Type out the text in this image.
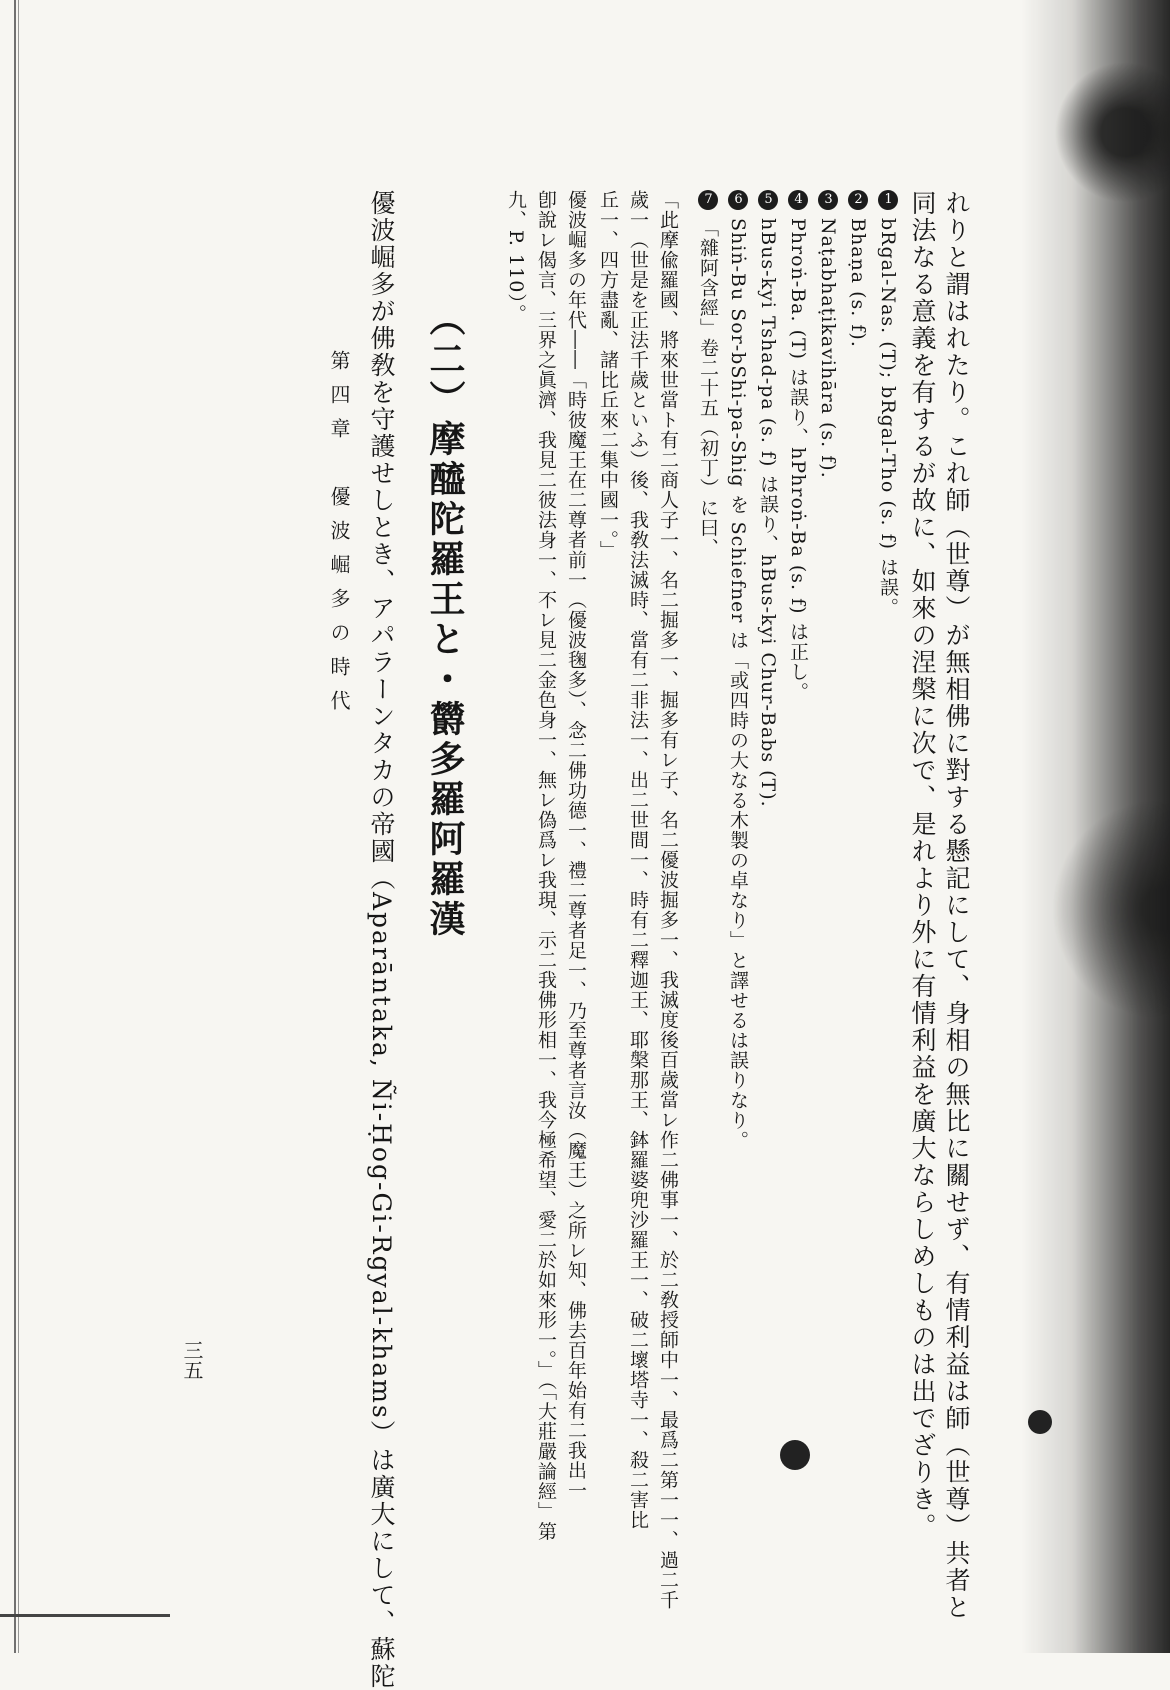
れりと謂はれたり。これ師（世尊）が無相佛に對する懸記にして、身相の無比に關せず、有情利益は師（世尊）共者と
同法なる意義を有するが故に、如來の涅槃に次で、是れより外に有情利益を廣大ならしめしものは出でざりき。
1bRgal-Nas. (T); bRgal-Tho (s. f) は誤。
2Bhaṇa (s. f).
3Naṭabhaṭikavihāra (s. f).
4Phroṅ-Ba. (T) は誤り、hPhroṅ-Ba (s. f) は正し。
5hBus-kyi Tshad-pa (s. f) は誤り、hBus-kyi Chur-Babs (T).
6Shiṅ-Bu Sor-bShi-pa-Shig を Schiefner は「或四時の大なる木製の卓なり」と譯せるは誤りなり。
7「雜阿含經」卷二十五（初丁）に曰、
「此摩偸羅國、將來世當ト有二商人子一、名二掘多一、掘多有レ子、名二優波掘多一、我滅度後百歲當レ作二佛事一、於二敎授師中一、最爲二第一一、過二千
歲一（世是を正法千歲といふ）後、我敎法滅時、當有二非法一、出二世間一、時有二釋迦王、耶槃那王、鉢羅婆兜沙羅王一、破二壞塔寺一、殺二害比
丘一、四方盡亂、諸比丘來二集中國一。」
優波崛多の年代――「時彼魔王在二尊者前一（優波毱多）、念二佛功德一、禮二尊者足一、乃至尊者言汝（魔王）之所レ知、佛去百年始有二我出一
卽說レ偈言、三界之眞濟、我見二彼法身一、不レ見二金色身一、無レ偽爲レ我現、示二我佛形相一、我今極希望、愛二於如來形一。」（「大莊嚴論經」第
九、P. 110）。
（二）摩醯陀羅王と・欝多羅阿羅漢
優波崛多が佛敎を守護せしとき、アパラーンタカの帝國（Aparāntaka, Ñi-Ḥog-Gi-Rgyal-khams）は廣大にして、蘇陀
第四章　優波崛多の時代
三五
